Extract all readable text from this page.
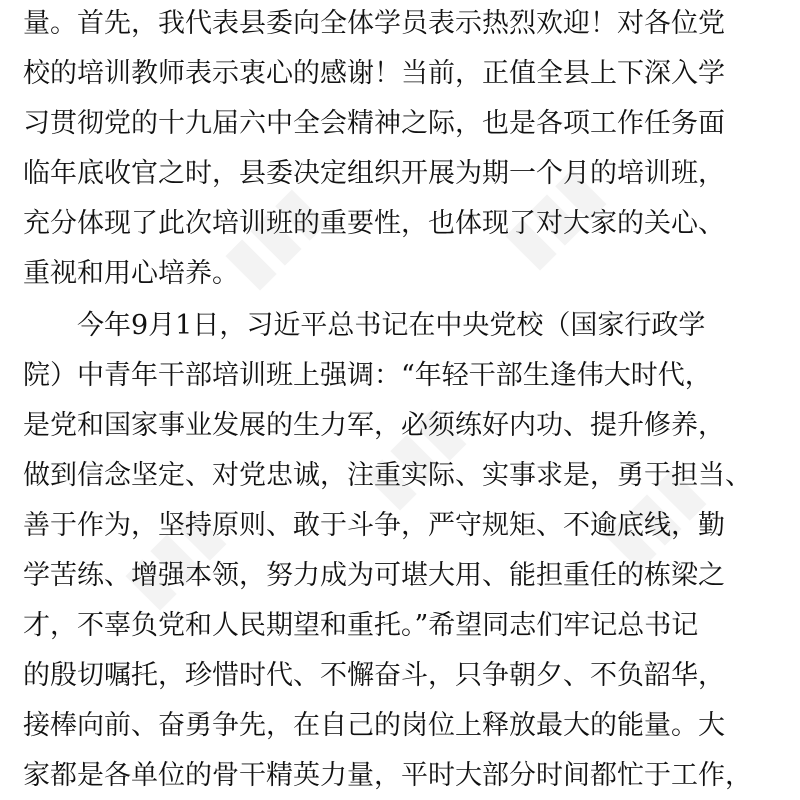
▮▮▮ ▮▮▮
▮▮▮
▮▮▮	▮▮▮
量。首先，我代表县委向全体学员表示热烈欢迎！对各位党
校的培训教师表示衷心的感谢！当前，正值全县上下深入学
习贯彻党的十九届六中全会精神之际，也是各项工作任务面
临年底收官之时，县委决定组织开展为期一个月的培训班，
充分体现了此次培训班的重要性，也体现了对大家的关心、
重视和用心培养。
今年9月1日，习近平总书记在中央党校（国家行政学
院）中青年干部培训班上强调：“年轻干部生逢伟大时代，
是党和国家事业发展的生力军，必须练好内功、提升修养，
做到信念坚定、对党忠诚，注重实际、实事求是，勇于担当、
善于作为，坚持原则、敢于斗争，严守规矩、不逾底线，勤
学苦练、增强本领，努力成为可堪大用、能担重任的栋梁之
才，不辜负党和人民期望和重托。”希望同志们牢记总书记
的殷切嘱托，珍惜时代、不懈奋斗，只争朝夕、不负韶华，
接棒向前、奋勇争先，在自己的岗位上释放最大的能量。大
家都是各单位的骨干精英力量，平时大部分时间都忙于工作，
